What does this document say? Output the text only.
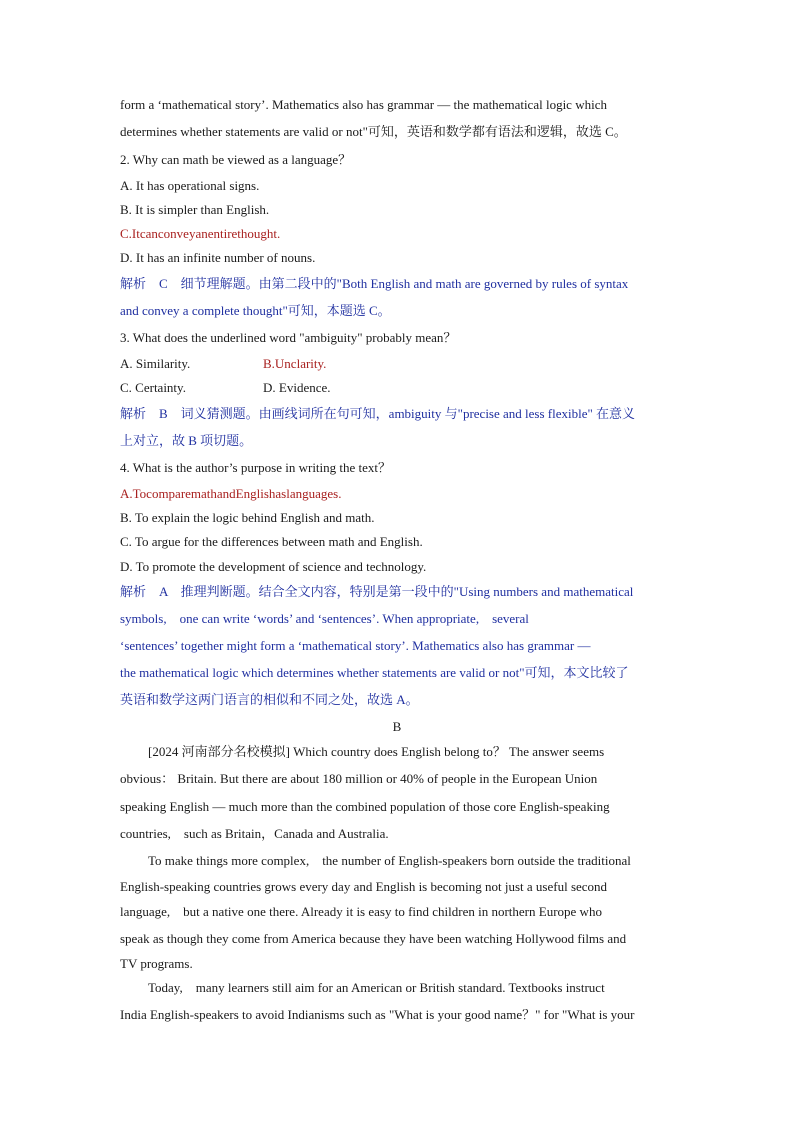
form a ‘mathematical story’. Mathematics also has grammar — the mathematical logic which
determines whether statements are valid or not"可知，英语和数学都有语法和逻辑，故选 C。
2. Why can math be viewed as a language？
A. It has operational signs.
B. It is simpler than English.
C.Itcanconveyanentirethought.
D. It has an infinite number of nouns.
解析　C　细节理解题。由第二段中的"Both English and math are governed by rules of syntax
and convey a complete thought"可知，本题选 C。
3. What does the underlined word "ambiguity" probably mean？
A. Similarity.	B.Unclarity.
C. Certainty.	D. Evidence.
解析　B　词义猜测题。由画线词所在句可知，ambiguity 与"precise and less flexible" 在意义
上对立，故 B 项切题。
4. What is the author’s purpose in writing the text？
A.TocomparemathandEnglishaslanguages.
B. To explain the logic behind English and math.
C. To argue for the differences between math and English.
D. To promote the development of science and technology.
解析　A　推理判断题。结合全文内容，特别是第一段中的"Using numbers and mathematical
symbols,　one can write ‘words’ and ‘sentences’. When appropriate,　several
‘sentences’ together might form a ‘mathematical story’. Mathematics also has grammar —
the mathematical logic which determines whether statements are valid or not"可知，本文比较了
英语和数学这两门语言的相似和不同之处，故选 A。
B
[2024 河南部分名校模拟] Which country does English belong to？ The answer seems
obvious： Britain. But there are about 180 million or 40% of people in the European Union
speaking English — much more than the combined population of those core English-speaking
countries,　such as Britain，Canada and Australia.
To make things more complex,　the number of English-speakers born outside the traditional
English-speaking countries grows every day and English is becoming not just a useful second
language,　but a native one there. Already it is easy to find children in northern Europe who
speak as though they come from America because they have been watching Hollywood films and
TV programs.
Today,　many learners still aim for an American or British standard. Textbooks instruct
India English-speakers to avoid Indianisms such as "What is your good name？" for "What is your
